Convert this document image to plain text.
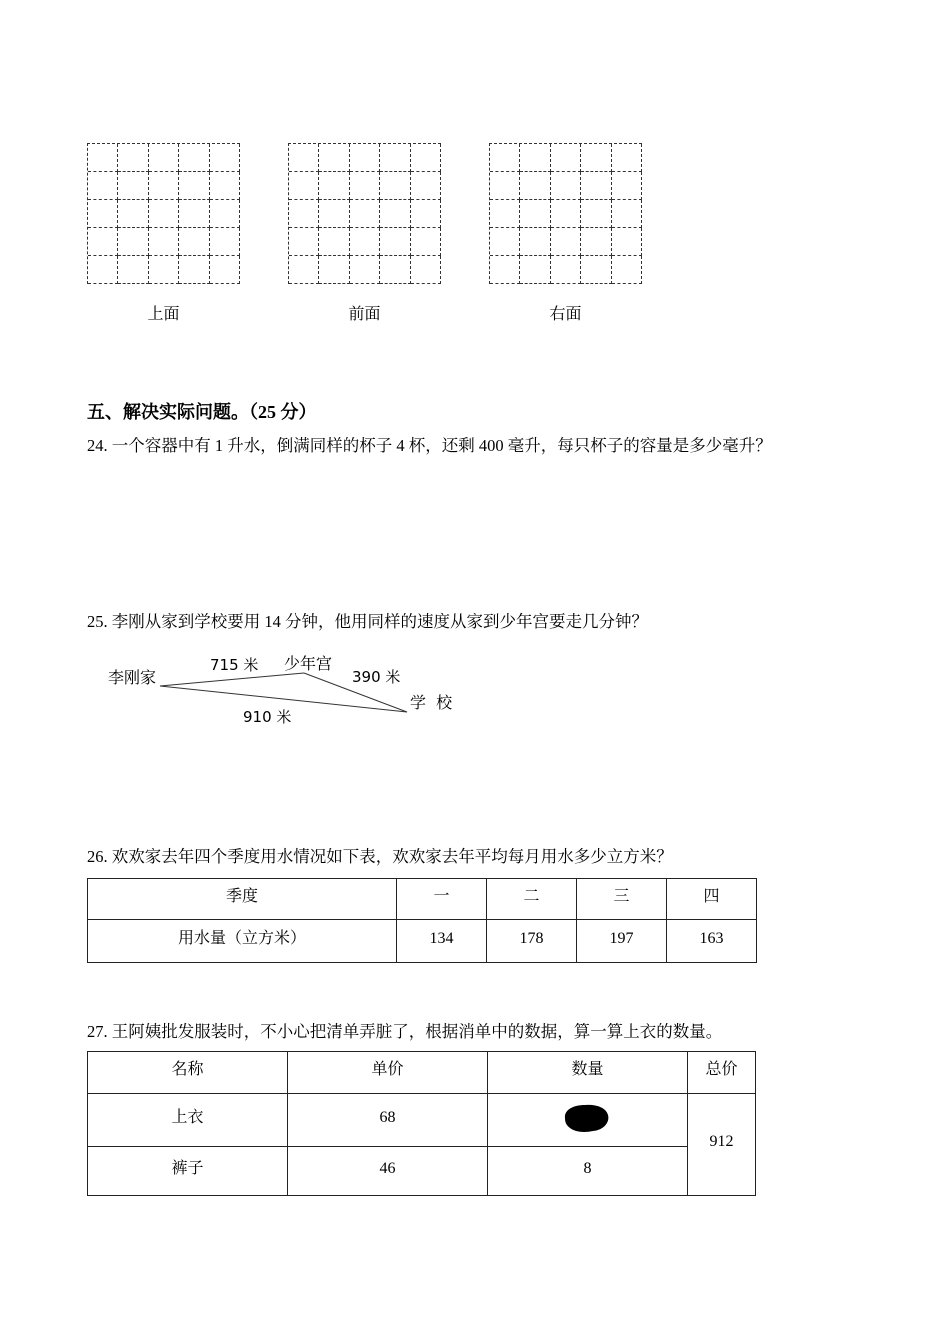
上面	前面	右面
五、解决实际问题。（25 分）
24. 一个容器中有 1 升水，倒满同样的杯子 4 杯，还剩 400 毫升，每只杯子的容量是多少毫升？
25. 李刚从家到学校要用 14 分钟，他用同样的速度从家到少年宫要走几分钟？
李刚家
少年宫
学 校
715 米
390 米
910 米
26. 欢欢家去年四个季度用水情况如下表，欢欢家去年平均每月用水多少立方米？
季度	一	二	三	四
用水量（立方米）	134	178	197	163
27. 王阿姨批发服装时，不小心把清单弄脏了，根据消单中的数据，算一算上衣的数量。
名称	单价	数量	总价
上衣	68		912
裤子	46	8	
